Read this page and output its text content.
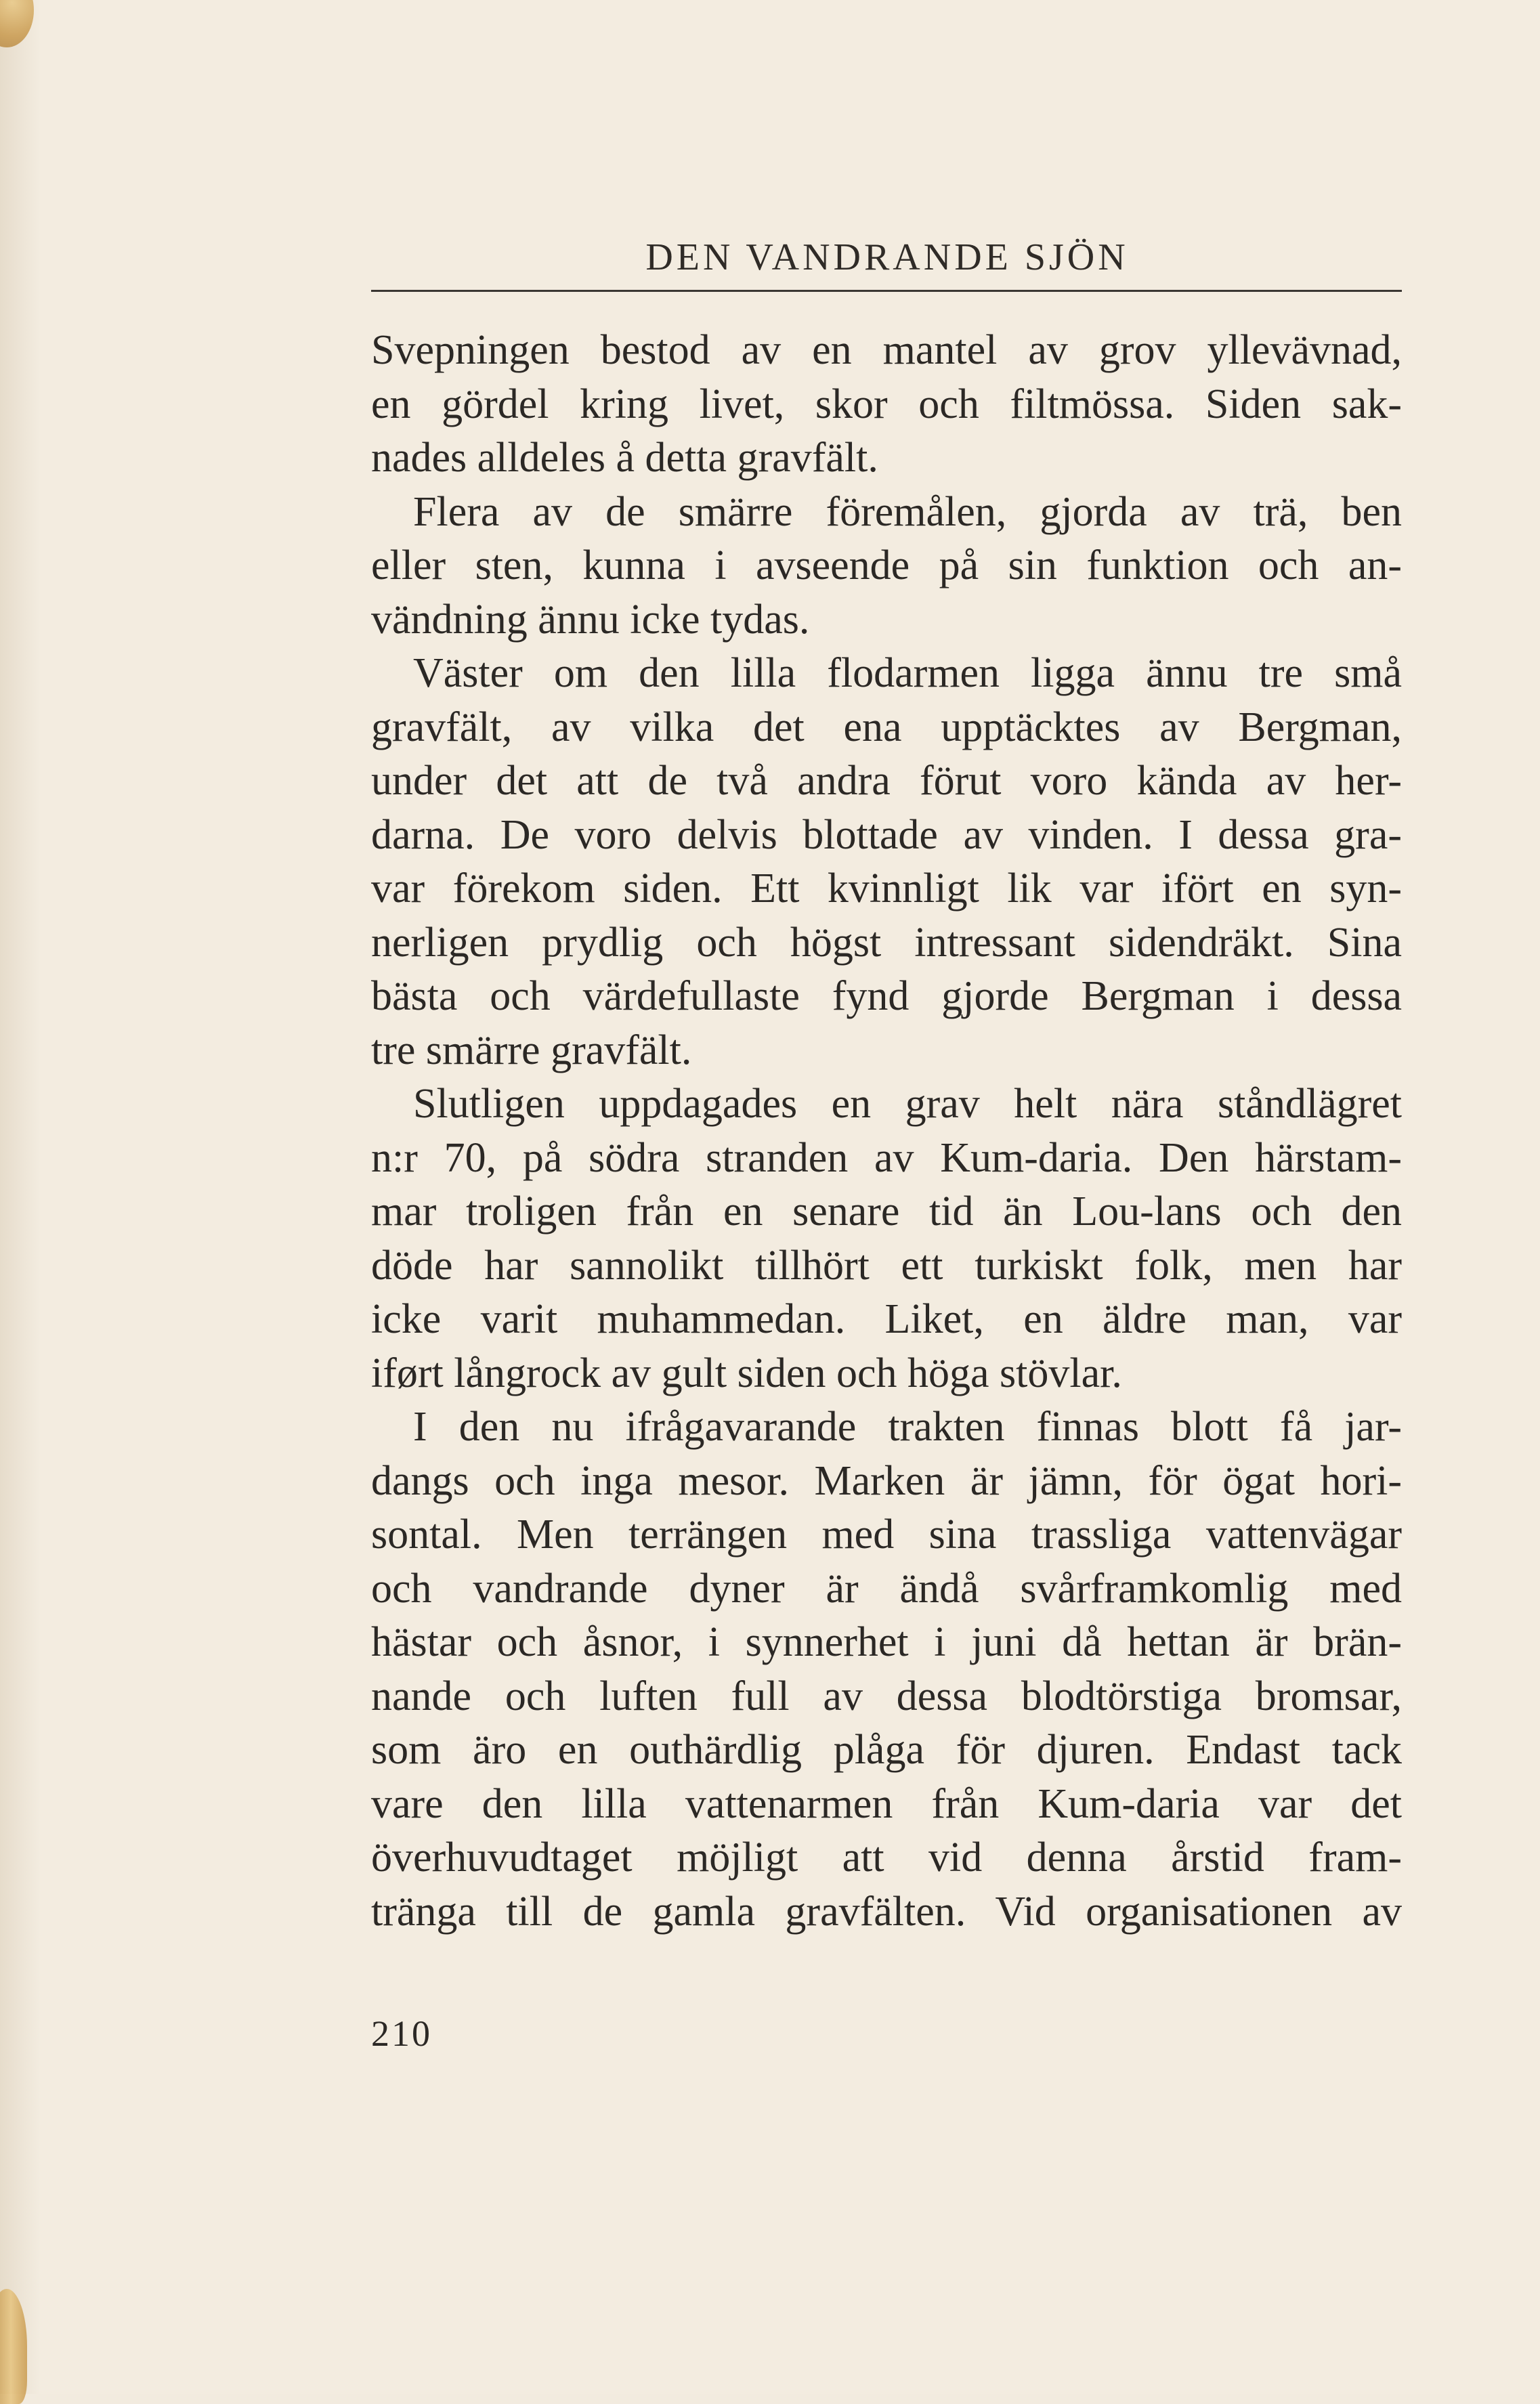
DEN VANDRANDE SJÖN
Svepningen bestod av en mantel av grov yllevävnad,
en gördel kring livet, skor och filtmössa. Siden sak-
nades alldeles å detta gravfält.
Flera av de smärre föremålen, gjorda av trä, ben
eller sten, kunna i avseende på sin funktion och an-
vändning ännu icke tydas.
Väster om den lilla flodarmen ligga ännu tre små
gravfält, av vilka det ena upptäcktes av Bergman,
under det att de två andra förut voro kända av her-
darna. De voro delvis blottade av vinden. I dessa gra-
var förekom siden. Ett kvinnligt lik var ifört en syn-
nerligen prydlig och högst intressant sidendräkt. Sina
bästa och värdefullaste fynd gjorde Bergman i dessa
tre smärre gravfält.
Slutligen uppdagades en grav helt nära ståndlägret
n:r 70, på södra stranden av Kum-daria. Den härstam-
mar troligen från en senare tid än Lou-lans och den
döde har sannolikt tillhört ett turkiskt folk, men har
icke varit muhammedan. Liket, en äldre man, var
iført långrock av gult siden och höga stövlar.
I den nu ifrågavarande trakten finnas blott få jar-
dangs och inga mesor. Marken är jämn, för ögat hori-
sontal. Men terrängen med sina trassliga vattenvägar
och vandrande dyner är ändå svårframkomlig med
hästar och åsnor, i synnerhet i juni då hettan är brän-
nande och luften full av dessa blodtörstiga bromsar,
som äro en outhärdlig plåga för djuren. Endast tack
vare den lilla vattenarmen från Kum-daria var det
överhuvudtaget möjligt att vid denna årstid fram-
tränga till de gamla gravfälten. Vid organisationen av
210
